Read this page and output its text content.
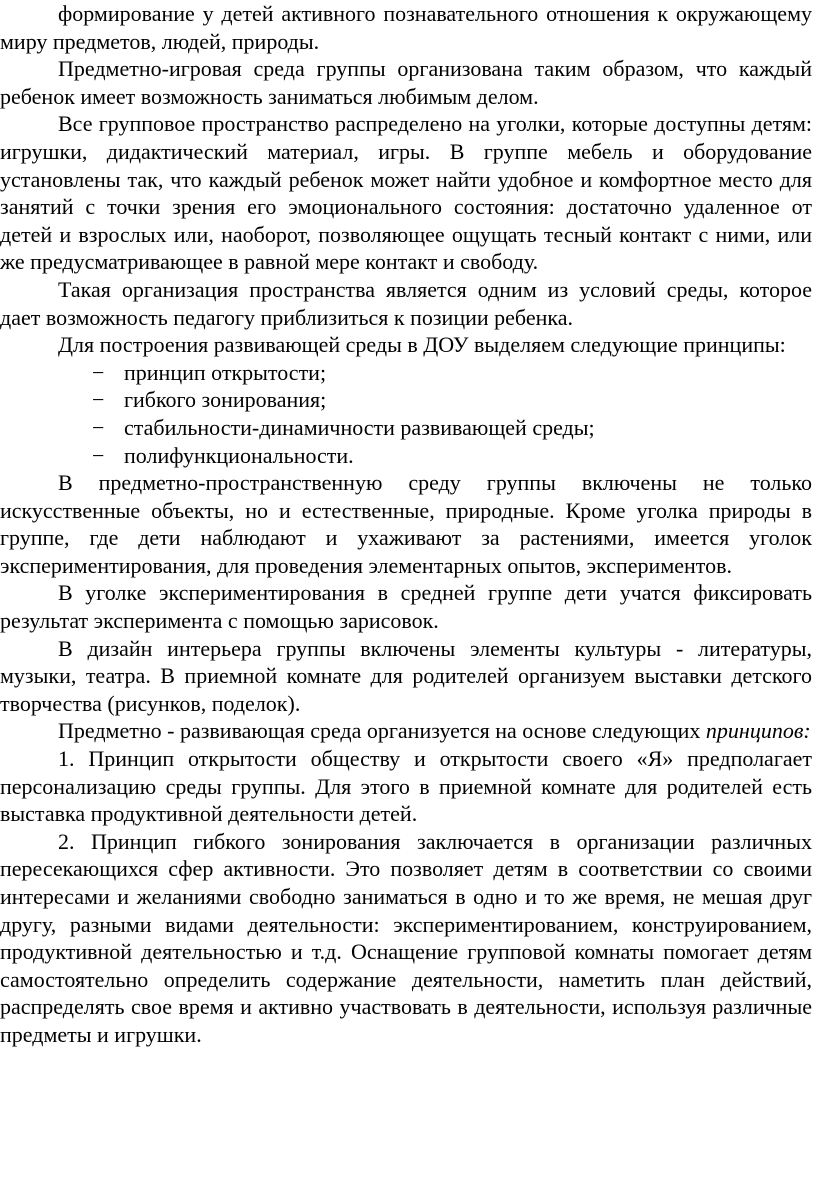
формирование у детей активного познавательного отношения к окружающему миру предметов, людей, природы.

Предметно-игровая среда группы организована таким образом, что каждый ребенок имеет возможность заниматься любимым делом.

Все групповое пространство распределено на уголки, которые доступны детям: игрушки, дидактический материал, игры. В группе мебель и оборудование установлены так, что каждый ребенок может найти удобное и комфортное место для занятий с точки зрения его эмоционального состояния: достаточно удаленное от детей и взрослых или, наоборот, позволяющее ощущать тесный контакт с ними, или же предусматривающее в равной мере контакт и свободу.

Такая организация пространства является одним из условий среды, которое дает возможность педагогу приблизиться к позиции ребенка.

Для построения развивающей среды в ДОУ выделяем следующие принципы:

− принцип открытости;
− гибкого зонирования;
− стабильности-динамичности развивающей среды;
− полифункциональности.

В предметно-пространственную среду группы включены не только искусственные объекты, но и естественные, природные. Кроме уголка природы в группе, где дети наблюдают и ухаживают за растениями, имеется уголок экспериментирования, для проведения элементарных опытов, экспериментов.

В уголке экспериментирования в средней группе дети учатся фиксировать результат эксперимента с помощью зарисовок.

В дизайн интерьера группы включены элементы культуры - литературы, музыки, театра. В приемной комнате для родителей организуем выставки детского творчества (рисунков, поделок).

Предметно - развивающая среда организуется на основе следующих принципов:

1. Принцип открытости обществу и открытости своего «Я» предполагает персонализацию среды группы. Для этого в приемной комнате для родителей есть выставка продуктивной деятельности детей.

2. Принцип гибкого зонирования заключается в организации различных пересекающихся сфер активности. Это позволяет детям в соответствии со своими интересами и желаниями свободно заниматься в одно и то же время, не мешая друг другу, разными видами деятельности: экспериментированием, конструированием, продуктивной деятельностью и т.д. Оснащение групповой комнаты помогает детям самостоятельно определить содержание деятельности, наметить план действий, распределять свое время и активно участвовать в деятельности, используя различные предметы и игрушки.
